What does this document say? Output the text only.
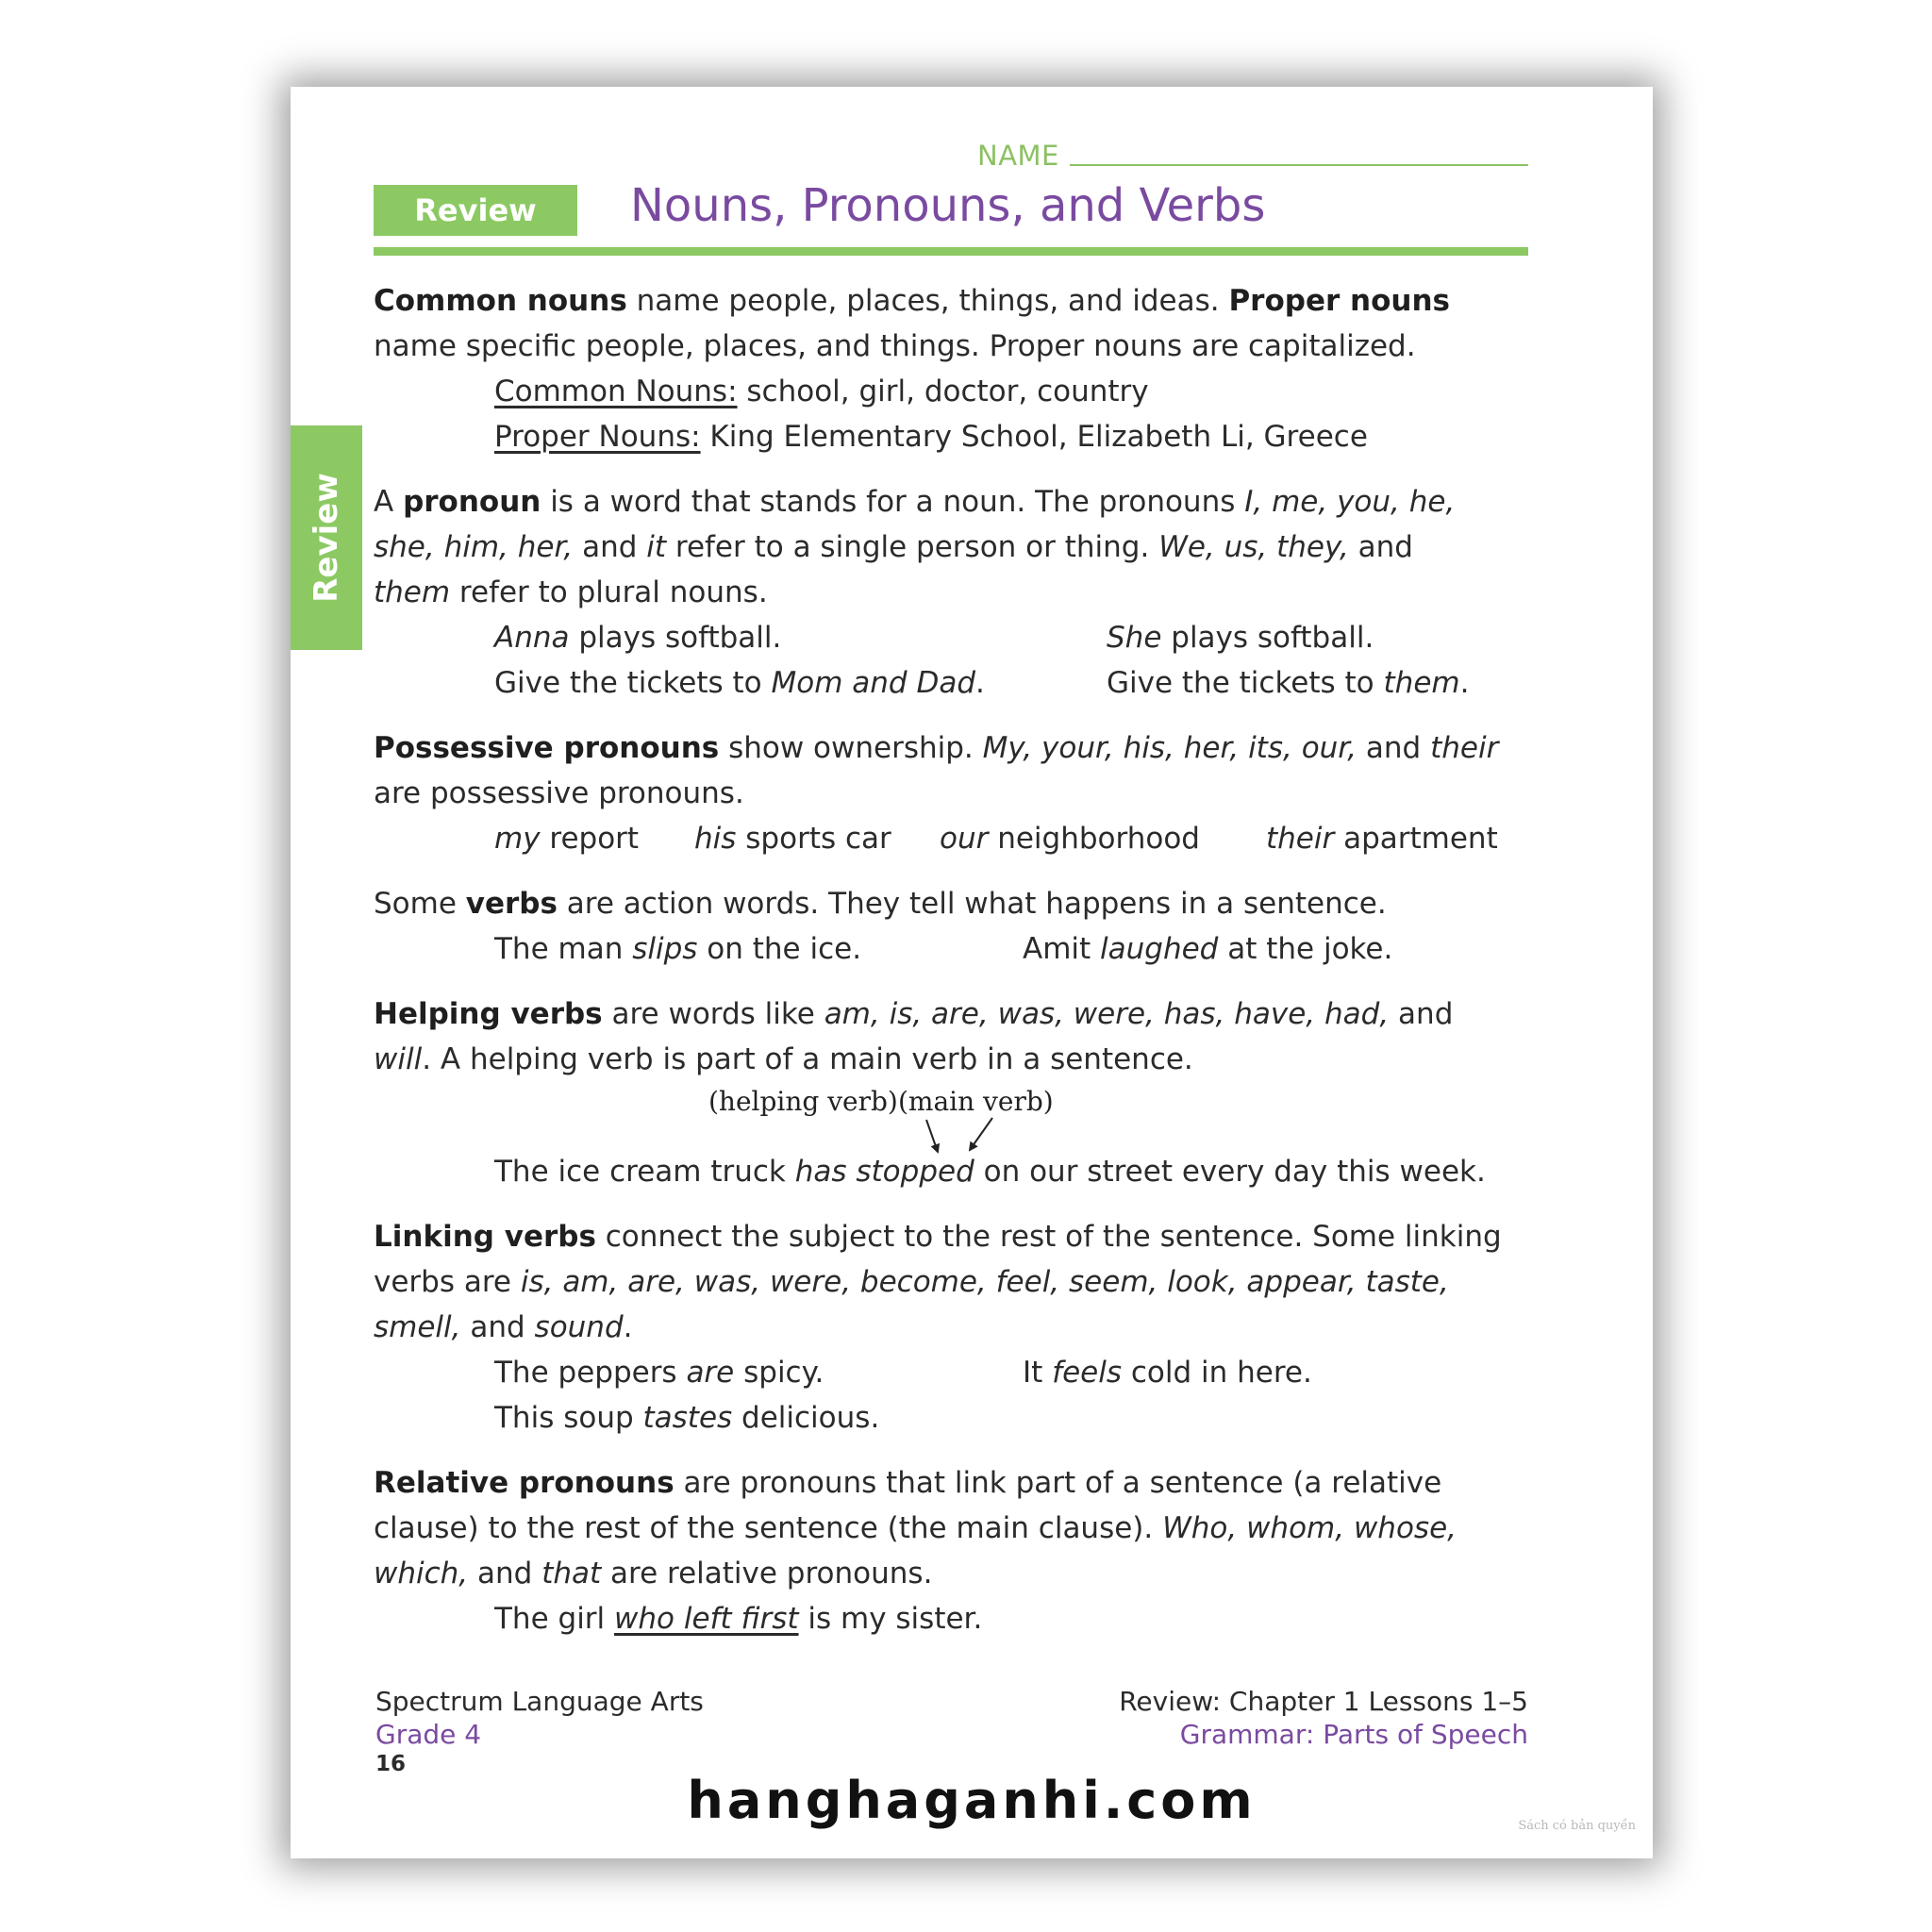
NAME
Review	Nouns, Pronouns, and Verbs
Review
Common nouns name people, places, things, and ideas. Proper nouns
name specific people, places, and things. Proper nouns are capitalized.
Common Nouns: school, girl, doctor, country
Proper Nouns: King Elementary School, Elizabeth Li, Greece
A pronoun is a word that stands for a noun. The pronouns I, me, you, he,
she, him, her, and it refer to a single person or thing. We, us, they, and
them refer to plural nouns.
Anna plays softball.	She plays softball.
Give the tickets to Mom and Dad.	Give the tickets to them.
Possessive pronouns show ownership. My, your, his, her, its, our, and their
are possessive pronouns.
my report his sports car our neighborhood their apartment
Some verbs are action words. They tell what happens in a sentence.
The man slips on the ice.	Amit laughed at the joke.
Helping verbs are words like am, is, are, was, were, has, have, had, and
will. A helping verb is part of a main verb in a sentence.
(helping verb) (main verb)
The ice cream truck has stopped on our street every day this week.
Linking verbs connect the subject to the rest of the sentence. Some linking
verbs are is, am, are, was, were, become, feel, seem, look, appear, taste,
smell, and sound.
The peppers are spicy.	It feels cold in here.
This soup tastes delicious.
Relative pronouns are pronouns that link part of a sentence (a relative
clause) to the rest of the sentence (the main clause). Who, whom, whose,
which, and that are relative pronouns.
The girl who left first is my sister.
Spectrum Language Arts
Grade 4
16
Review: Chapter 1 Lessons 1–5
Grammar: Parts of Speech
hanghaganhi.com	Sách có bản quyền
